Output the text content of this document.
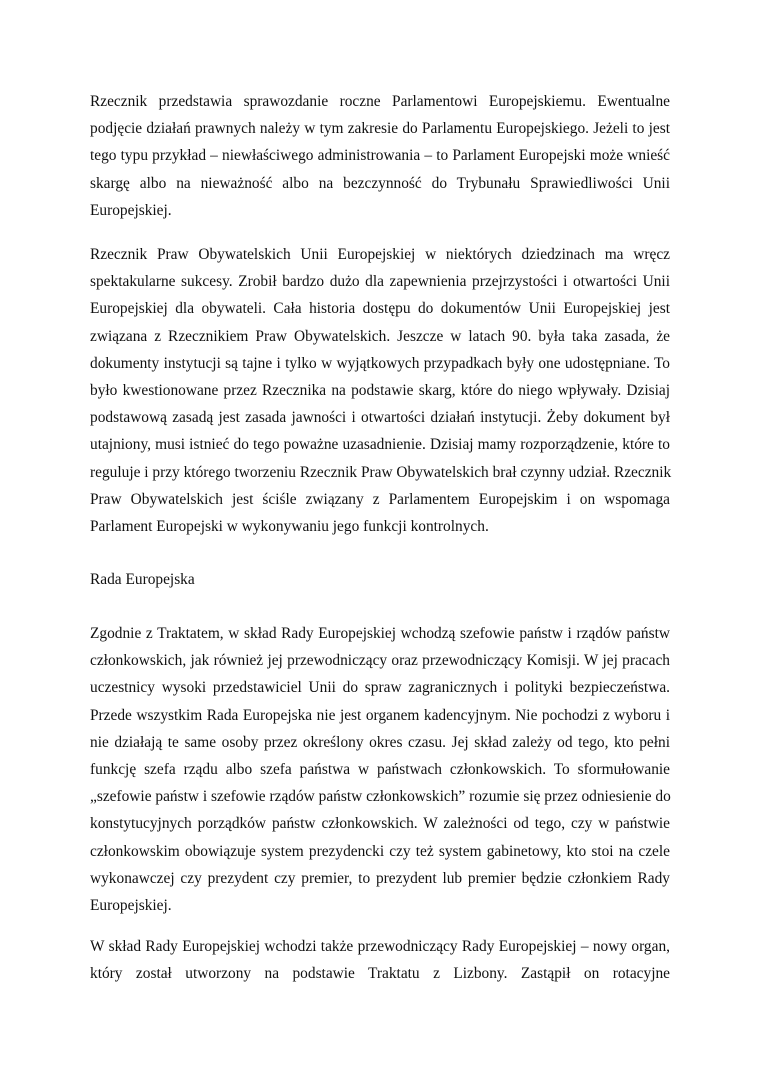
Rzecznik przedstawia sprawozdanie roczne Parlamentowi Europejskiemu. Ewentualne
podjęcie działań prawnych należy w tym zakresie do Parlamentu Europejskiego. Jeżeli to jest
tego typu przykład – niewłaściwego administrowania – to Parlament Europejski może wnieść
skargę albo na nieważność albo na bezczynność do Trybunału Sprawiedliwości Unii
Europejskiej.
Rzecznik Praw Obywatelskich Unii Europejskiej w niektórych dziedzinach ma wręcz
spektakularne sukcesy. Zrobił bardzo dużo dla zapewnienia przejrzystości i otwartości Unii
Europejskiej dla obywateli. Cała historia dostępu do dokumentów Unii Europejskiej jest
związana z Rzecznikiem Praw Obywatelskich. Jeszcze w latach 90. była taka zasada, że
dokumenty instytucji są tajne i tylko w wyjątkowych przypadkach były one udostępniane. To
było kwestionowane przez Rzecznika na podstawie skarg, które do niego wpływały. Dzisiaj
podstawową zasadą jest zasada jawności i otwartości działań instytucji. Żeby dokument był
utajniony, musi istnieć do tego poważne uzasadnienie. Dzisiaj mamy rozporządzenie, które to
reguluje i przy którego tworzeniu Rzecznik Praw Obywatelskich brał czynny udział. Rzecznik
Praw Obywatelskich jest ściśle związany z Parlamentem Europejskim i on wspomaga
Parlament Europejski w wykonywaniu jego funkcji kontrolnych.

Rada Europejska

Zgodnie z Traktatem, w skład Rady Europejskiej wchodzą szefowie państw i rządów państw
członkowskich, jak również jej przewodniczący oraz przewodniczący Komisji. W jej pracach
uczestnicy wysoki przedstawiciel Unii do spraw zagranicznych i polityki bezpieczeństwa.
Przede wszystkim Rada Europejska nie jest organem kadencyjnym. Nie pochodzi z wyboru i
nie działają te same osoby przez określony okres czasu. Jej skład zależy od tego, kto pełni
funkcję szefa rządu albo szefa państwa w państwach członkowskich. To sformułowanie
„szefowie państw i szefowie rządów państw członkowskich” rozumie się przez odniesienie do
konstytucyjnych porządków państw członkowskich. W zależności od tego, czy w państwie
członkowskim obowiązuje system prezydencki czy też system gabinetowy, kto stoi na czele
wykonawczej czy prezydent czy premier, to prezydent lub premier będzie członkiem Rady
Europejskiej.
W skład Rady Europejskiej wchodzi także przewodniczący Rady Europejskiej – nowy organ,
który został utworzony na podstawie Traktatu z Lizbony. Zastąpił on rotacyjne
